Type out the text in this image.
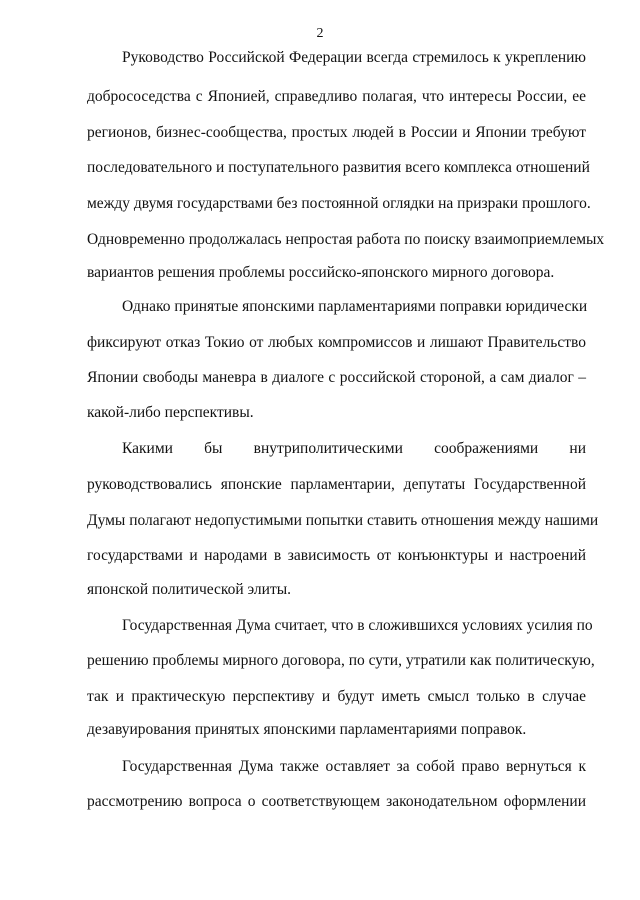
2
Руководство Российской Федерации всегда стремилось к укреплению
добрососедства с Японией, справедливо полагая, что интересы России, ее
регионов, бизнес-сообщества, простых людей в России и Японии требуют
последовательного и поступательного развития всего комплекса отношений
между двумя государствами без постоянной оглядки на призраки прошлого.
Одновременно продолжалась непростая работа по поиску взаимоприемлемых
вариантов решения проблемы российско-японского мирного договора.
Однако принятые японскими парламентариями поправки юридически
фиксируют отказ Токио от любых компромиссов и лишают Правительство
Японии свободы маневра в диалоге с российской стороной, а сам диалог –
какой-либо перспективы.
Какими бы внутриполитическими соображениями ни
руководствовались японские парламентарии, депутаты Государственной
Думы полагают недопустимыми попытки ставить отношения между нашими
государствами и народами в зависимость от конъюнктуры и настроений
японской политической элиты.
Государственная Дума считает, что в сложившихся условиях усилия по
решению проблемы мирного договора, по сути, утратили как политическую,
так и практическую перспективу и будут иметь смысл только в случае
дезавуирования принятых японскими парламентариями поправок.
Государственная Дума также оставляет за собой право вернуться к
рассмотрению вопроса о соответствующем законодательном оформлении
